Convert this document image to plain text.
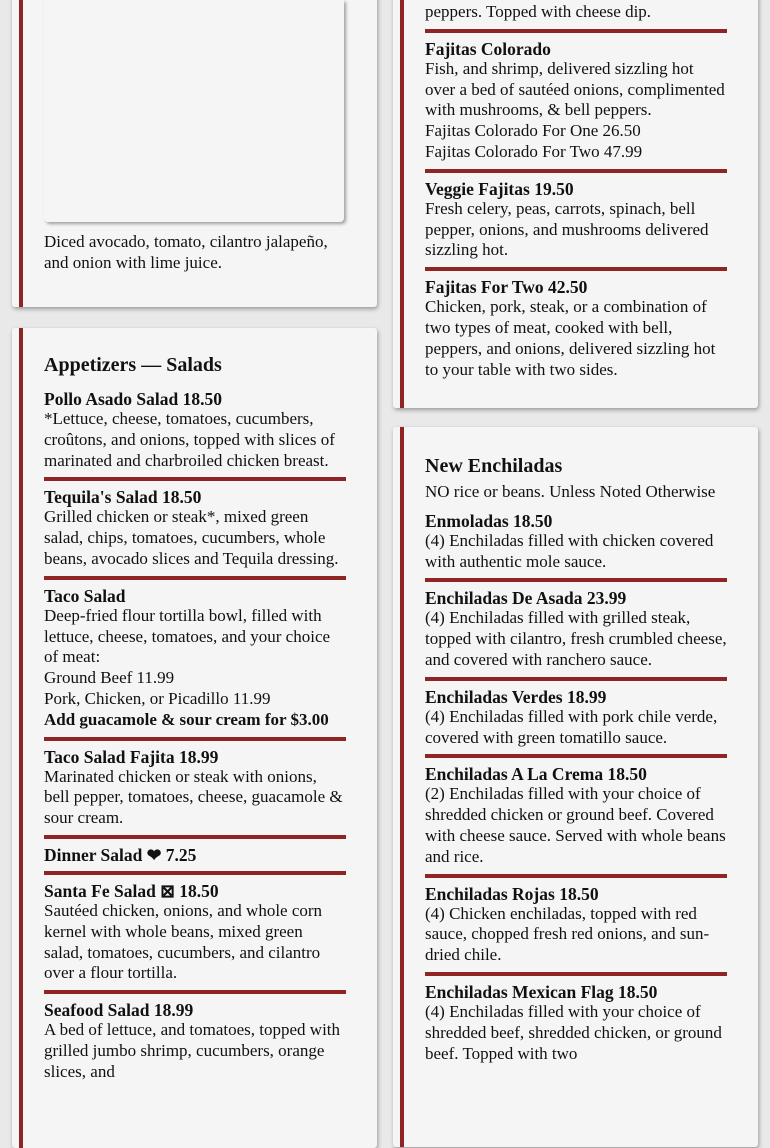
Diced avocado, tomato, cilantro jalapeño, and onion with lime juice.
Appetizers — Salads
Pollo Asado Salad 18.50
*Lettuce, cheese, tomatoes, cucumbers, croûtons, and onions, topped with slices of marinated and charbroiled chicken breast.
Tequila's Salad 18.50
Grilled chicken or steak*, mixed green salad, chips, tomatoes, cucumbers, whole beans, avocado slices and Tequila dressing.
Taco Salad
Deep-fried flour tortilla bowl, filled with lettuce, cheese, tomatoes, and your choice of meat:
Ground Beef 11.99
Pork, Chicken, or Picadillo 11.99
Add guacamole & sour cream for $3.00
Taco Salad Fajita 18.99
Marinated chicken or steak with onions, bell pepper, tomatoes, cheese, guacamole & sour cream.
Dinner Salad ❤ 7.25
Santa Fe Salad ⊠ 18.50
Sautéed chicken, onions, and whole corn kernel with whole beans, mixed green salad, tomatoes, cucumbers, and cilantro over a flour tortilla.
Seafood Salad 18.99
A bed of lettuce, and tomatoes, topped with grilled jumbo shrimp, cucumbers, orange slices, and
peppers. Topped with cheese dip.
Fajitas Colorado
Fish, and shrimp, delivered sizzling hot over a bed of sautéed onions, complimented with mushrooms, & bell peppers.
Fajitas Colorado For One 26.50
Fajitas Colorado For Two 47.99
Veggie Fajitas 19.50
Fresh celery, peas, carrots, spinach, bell pepper, onions, and mushrooms delivered sizzling hot.
Fajitas For Two 42.50
Chicken, pork, steak, or a combination of two types of meat, cooked with bell, peppers, and onions, delivered sizzling hot to your table with two sides.
New Enchiladas
NO rice or beans. Unless Noted Otherwise
Enmoladas 18.50
(4) Enchiladas filled with chicken covered with authentic mole sauce.
Enchiladas De Asada 23.99
(4) Enchiladas filled with grilled steak, topped with cilantro, fresh crumbled cheese, and covered with ranchero sauce.
Enchiladas Verdes 18.99
(4) Enchiladas filled with pork chile verde, covered with green tomatillo sauce.
Enchiladas A La Crema 18.50
(2) Enchiladas filled with your choice of shredded chicken or ground beef. Covered with cheese sauce. Served with whole beans and rice.
Enchiladas Rojas 18.50
(4) Chicken enchiladas, topped with red sauce, chopped fresh red onions, and sun-dried chile.
Enchiladas Mexican Flag 18.50
(4) Enchiladas filled with your choice of shredded beef, shredded chicken, or ground beef. Topped with two
